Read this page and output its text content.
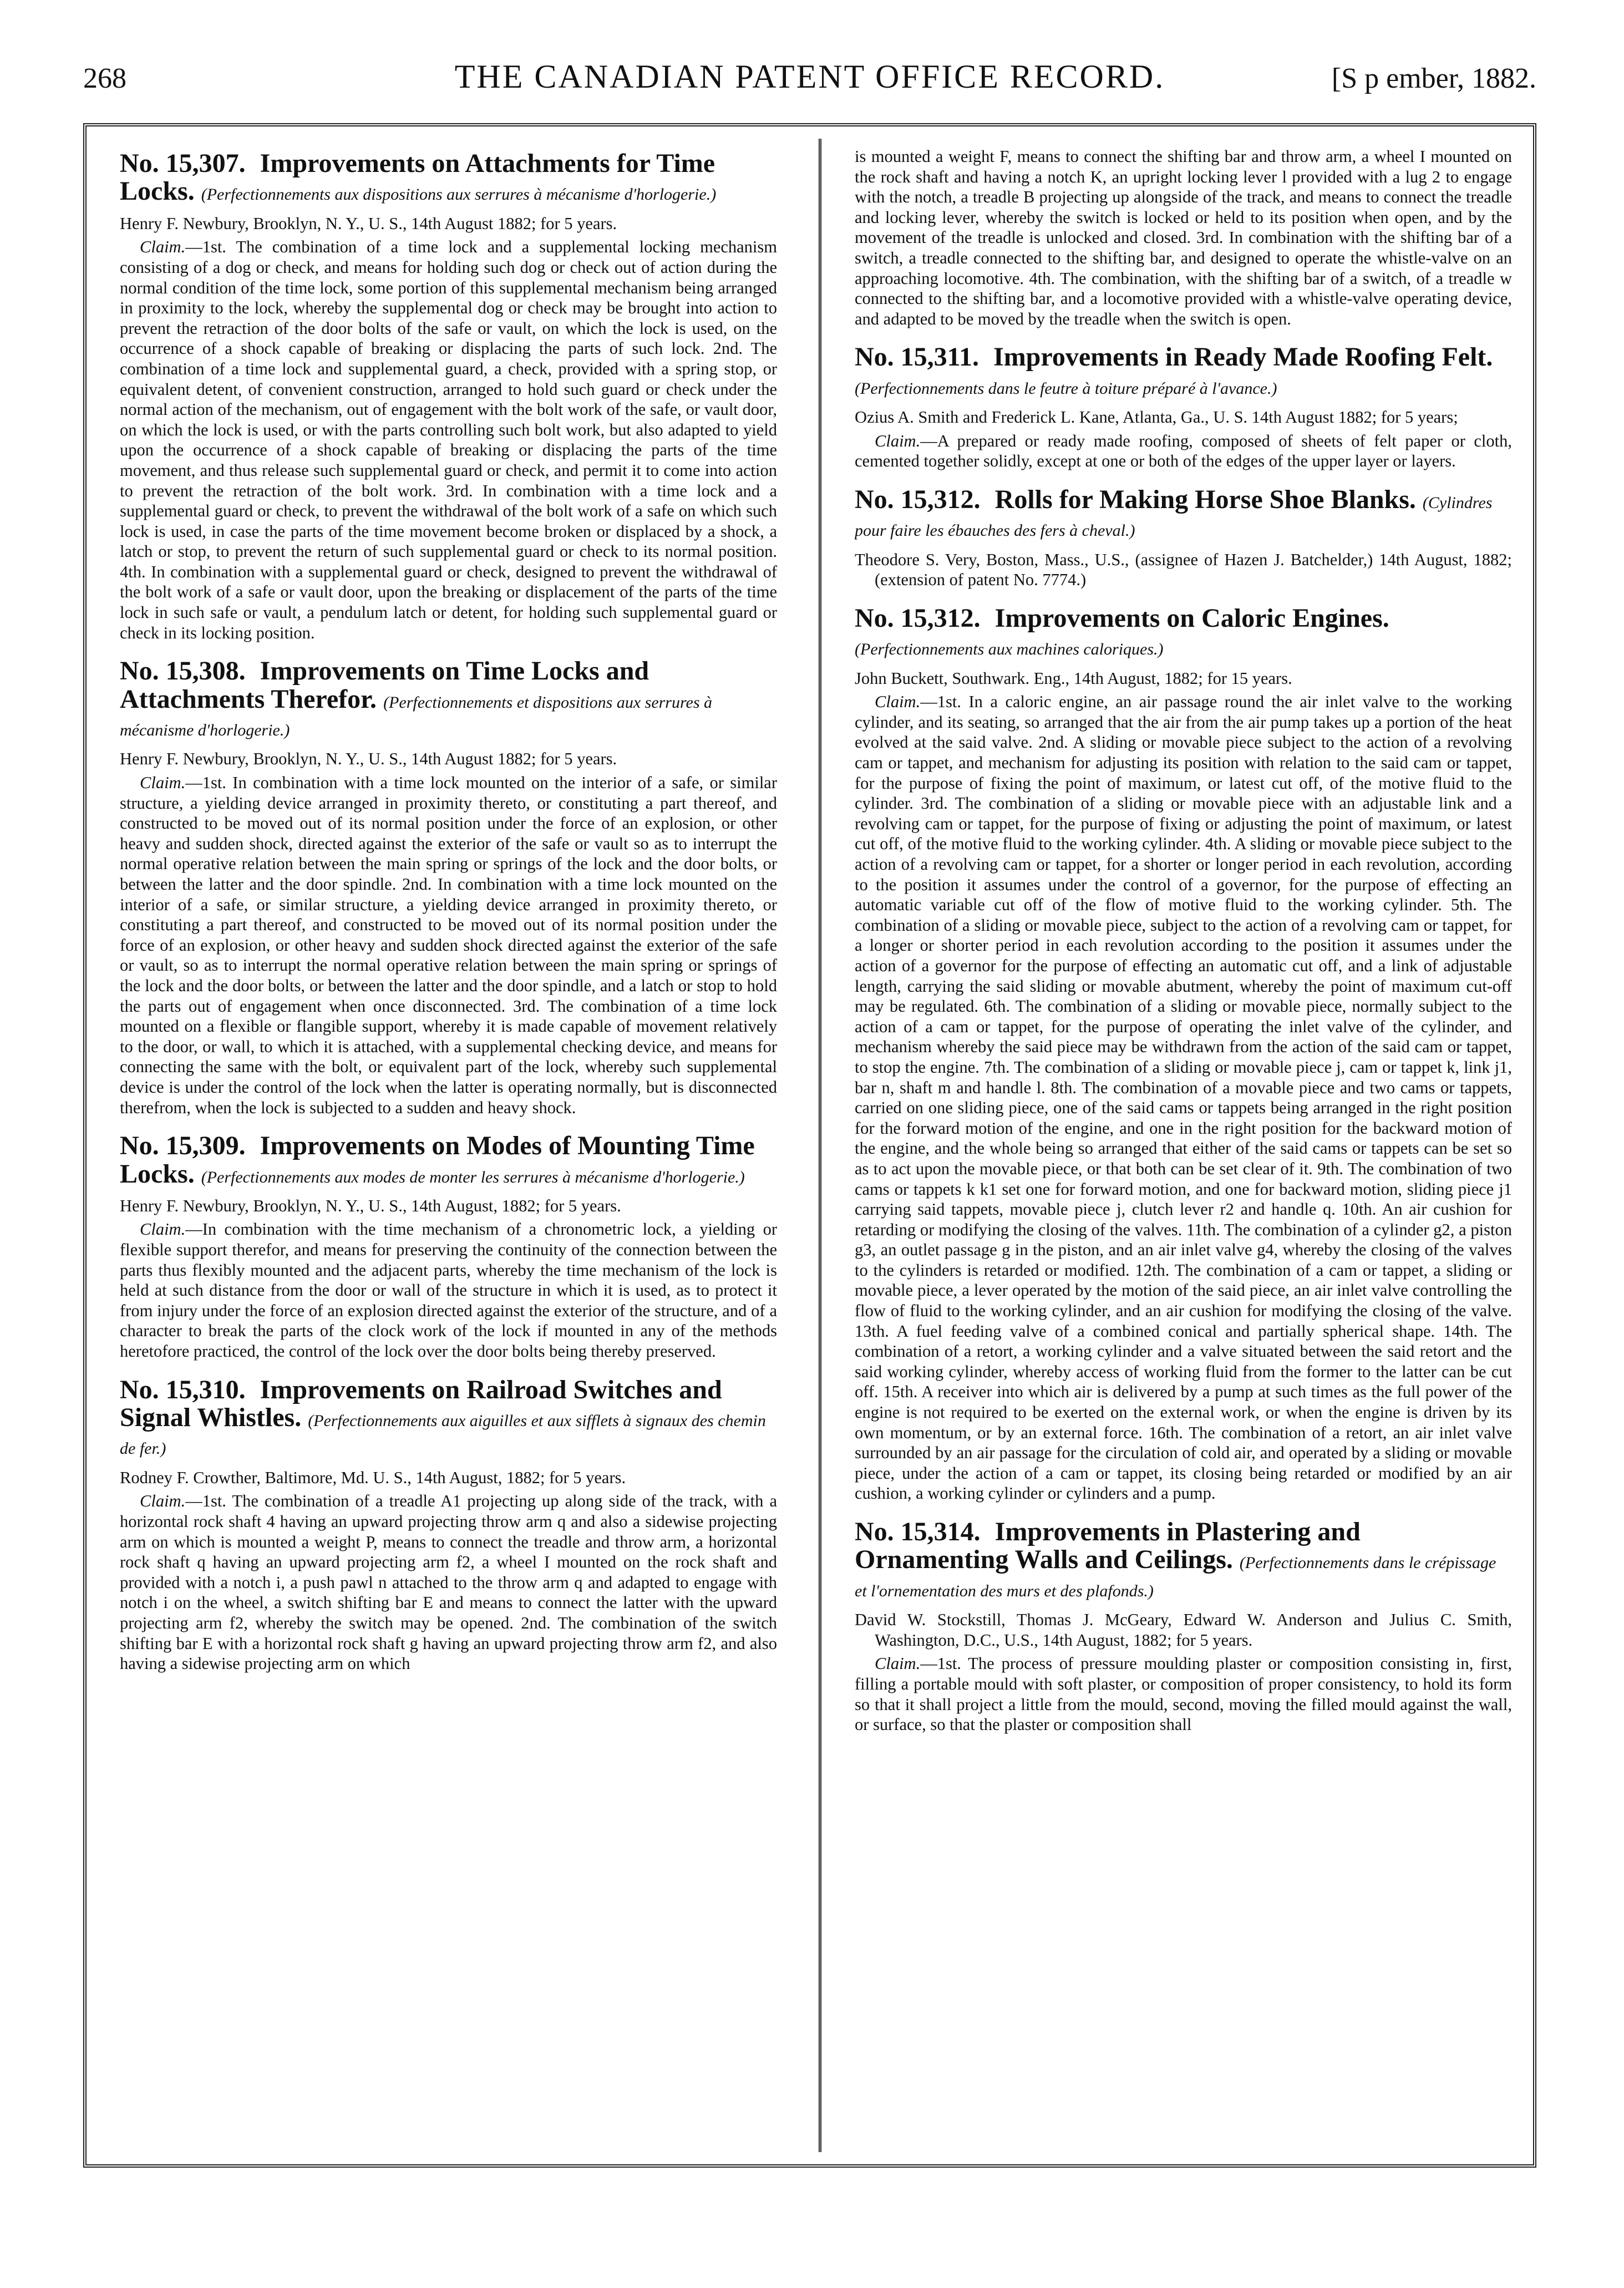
268	THE CANADIAN PATENT OFFICE RECORD.	[S p ember, 1882.
No. 15,307. Improvements on Attachments for Time Locks. (Perfectionnements aux dispositions aux serrures à mécanisme d'horlogerie.)

Henry F. Newbury, Brooklyn, N. Y., U. S., 14th August 1882; for 5 years.

Claim.—1st. The combination of a time lock and a supplemental locking mechanism consisting of a dog or check, and means for holding such dog or check out of action during the normal condition of the time lock, some portion of this supplemental mechanism being arranged in proximity to the lock, whereby the supplemental dog or check may be brought into action to prevent the retraction of the door bolts of the safe or vault, on which the lock is used, on the occurrence of a shock capable of breaking or displacing the parts of such lock. 2nd. The combination of a time lock and supplemental guard, a check, provided with a spring stop, or equivalent detent, of convenient construction, arranged to hold such guard or check under the normal action of the mechanism, out of engagement with the bolt work of the safe, or vault door, on which the lock is used, or with the parts controlling such bolt work, but also adapted to yield upon the occurrence of a shock capable of breaking or displacing the parts of the time movement, and thus release such supplemental guard or check, and permit it to come into action to prevent the retraction of the bolt work. 3rd. In combination with a time lock and a supplemental guard or check, to prevent the withdrawal of the bolt work of a safe on which such lock is used, in case the parts of the time movement become broken or displaced by a shock, a latch or stop, to prevent the return of such supplemental guard or check to its normal position. 4th. In combination with a supplemental guard or check, designed to prevent the withdrawal of the bolt work of a safe or vault door, upon the breaking or displacement of the parts of the time lock in such safe or vault, a pendulum latch or detent, for holding such supplemental guard or check in its locking position.

No. 15,308. Improvements on Time Locks and Attachments Therefor. (Perfectionnements et dispositions aux serrures à mécanisme d'horlogerie.)

Henry F. Newbury, Brooklyn, N. Y., U. S., 14th August 1882; for 5 years.

Claim.—1st. In combination with a time lock mounted on the interior of a safe, or similar structure, a yielding device arranged in proximity thereto, or constituting a part thereof, and constructed to be moved out of its normal position under the force of an explosion, or other heavy and sudden shock, directed against the exterior of the safe or vault so as to interrupt the normal operative relation between the main spring or springs of the lock and the door bolts, or between the latter and the door spindle. 2nd. In combination with a time lock mounted on the interior of a safe, or similar structure, a yielding device arranged in proximity thereto, or constituting a part thereof, and constructed to be moved out of its normal position under the force of an explosion, or other heavy and sudden shock directed against the exterior of the safe or vault, so as to interrupt the normal operative relation between the main spring or springs of the lock and the door bolts, or between the latter and the door spindle, and a latch or stop to hold the parts out of engagement when once disconnected. 3rd. The combination of a time lock mounted on a flexible or flangible support, whereby it is made capable of movement relatively to the door, or wall, to which it is attached, with a supplemental checking device, and means for connecting the same with the bolt, or equivalent part of the lock, whereby such supplemental device is under the control of the lock when the latter is operating normally, but is disconnected therefrom, when the lock is subjected to a sudden and heavy shock.

No. 15,309. Improvements on Modes of Mounting Time Locks. (Perfectionnements aux modes de monter les serrures à mécanisme d'horlogerie.)

Henry F. Newbury, Brooklyn, N. Y., U. S., 14th August, 1882; for 5 years.

Claim.—In combination with the time mechanism of a chronometric lock, a yielding or flexible support therefor, and means for preserving the continuity of the connection between the parts thus flexibly mounted and the adjacent parts, whereby the time mechanism of the lock is held at such distance from the door or wall of the structure in which it is used, as to protect it from injury under the force of an explosion directed against the exterior of the structure, and of a character to break the parts of the clock work of the lock if mounted in any of the methods heretofore practiced, the control of the lock over the door bolts being thereby preserved.

No. 15,310. Improvements on Railroad Switches and Signal Whistles. (Perfectionnements aux aiguilles et aux sifflets à signaux des chemin de fer.)

Rodney F. Crowther, Baltimore, Md. U. S., 14th August, 1882; for 5 years.

Claim.—1st. The combination of a treadle A1 projecting up along side of the track, with a horizontal rock shaft 4 having an upward projecting throw arm q and also a sidewise projecting arm on which is mounted a weight P, means to connect the treadle and throw arm, a horizontal rock shaft q having an upward projecting arm f2, a wheel I mounted on the rock shaft and provided with a notch i, a push pawl n attached to the throw arm q and adapted to engage with notch i on the wheel, a switch shifting bar E and means to connect the latter with the upward projecting arm f2, whereby the switch may be opened. 2nd. The combination of the switch shifting bar E with a horizontal rock shaft g having an upward projecting throw arm f2, and also having a sidewise projecting arm on which

is mounted a weight F, means to connect the shifting bar and throw arm, a wheel I mounted on the rock shaft and having a notch K, an upright locking lever l provided with a lug 2 to engage with the notch, a treadle B projecting up alongside of the track, and means to connect the treadle and locking lever, whereby the switch is locked or held to its position when open, and by the movement of the treadle is unlocked and closed. 3rd. In combination with the shifting bar of a switch, a treadle connected to the shifting bar, and designed to operate the whistle-valve on an approaching locomotive. 4th. The combination, with the shifting bar of a switch, of a treadle w connected to the shifting bar, and a locomotive provided with a whistle-valve operating device, and adapted to be moved by the treadle when the switch is open.

No. 15,311. Improvements in Ready Made Roofing Felt. (Perfectionnements dans le feutre à toiture préparé à l'avance.)

Ozius A. Smith and Frederick L. Kane, Atlanta, Ga., U. S. 14th August 1882; for 5 years;

Claim.—A prepared or ready made roofing, composed of sheets of felt paper or cloth, cemented together solidly, except at one or both of the edges of the upper layer or layers.

No. 15,312. Rolls for Making Horse Shoe Blanks. (Cylindres pour faire les ébauches des fers à cheval.)

Theodore S. Very, Boston, Mass., U.S., (assignee of Hazen J. Batchelder,) 14th August, 1882; (extension of patent No. 7774.)

No. 15,312. Improvements on Caloric Engines. (Perfectionnements aux machines caloriques.)

John Buckett, Southwark. Eng., 14th August, 1882; for 15 years.

Claim.—1st. In a caloric engine, an air passage round the air inlet valve to the working cylinder, and its seating, so arranged that the air from the air pump takes up a portion of the heat evolved at the said valve. 2nd. A sliding or movable piece subject to the action of a revolving cam or tappet, and mechanism for adjusting its position with relation to the said cam or tappet, for the purpose of fixing the point of maximum, or latest cut off, of the motive fluid to the cylinder. 3rd. The combination of a sliding or movable piece with an adjustable link and a revolving cam or tappet, for the purpose of fixing or adjusting the point of maximum, or latest cut off, of the motive fluid to the working cylinder. 4th. A sliding or movable piece subject to the action of a revolving cam or tappet, for a shorter or longer period in each revolution, according to the position it assumes under the control of a governor, for the purpose of effecting an automatic variable cut off of the flow of motive fluid to the working cylinder. 5th. The combination of a sliding or movable piece, subject to the action of a revolving cam or tappet, for a longer or shorter period in each revolution according to the position it assumes under the action of a governor for the purpose of effecting an automatic cut off, and a link of adjustable length, carrying the said sliding or movable abutment, whereby the point of maximum cut-off may be regulated. 6th. The combination of a sliding or movable piece, normally subject to the action of a cam or tappet, for the purpose of operating the inlet valve of the cylinder, and mechanism whereby the said piece may be withdrawn from the action of the said cam or tappet, to stop the engine. 7th. The combination of a sliding or movable piece j, cam or tappet k, link j1, bar n, shaft m and handle l. 8th. The combination of a movable piece and two cams or tappets, carried on one sliding piece, one of the said cams or tappets being arranged in the right position for the forward motion of the engine, and one in the right position for the backward motion of the engine, and the whole being so arranged that either of the said cams or tappets can be set so as to act upon the movable piece, or that both can be set clear of it. 9th. The combination of two cams or tappets k k1 set one for forward motion, and one for backward motion, sliding piece j1 carrying said tappets, movable piece j, clutch lever r2 and handle q. 10th. An air cushion for retarding or modifying the closing of the valves. 11th. The combination of a cylinder g2, a piston g3, an outlet passage g in the piston, and an air inlet valve g4, whereby the closing of the valves to the cylinders is retarded or modified. 12th. The combination of a cam or tappet, a sliding or movable piece, a lever operated by the motion of the said piece, an air inlet valve controlling the flow of fluid to the working cylinder, and an air cushion for modifying the closing of the valve. 13th. A fuel feeding valve of a combined conical and partially spherical shape. 14th. The combination of a retort, a working cylinder and a valve situated between the said retort and the said working cylinder, whereby access of working fluid from the former to the latter can be cut off. 15th. A receiver into which air is delivered by a pump at such times as the full power of the engine is not required to be exerted on the external work, or when the engine is driven by its own momentum, or by an external force. 16th. The combination of a retort, an air inlet valve surrounded by an air passage for the circulation of cold air, and operated by a sliding or movable piece, under the action of a cam or tappet, its closing being retarded or modified by an air cushion, a working cylinder or cylinders and a pump.

No. 15,314. Improvements in Plastering and Ornamenting Walls and Ceilings. (Perfectionnements dans le crépissage et l'ornementation des murs et des plafonds.)

David W. Stockstill, Thomas J. McGeary, Edward W. Anderson and Julius C. Smith, Washington, D.C., U.S., 14th August, 1882; for 5 years.

Claim.—1st. The process of pressure moulding plaster or composition consisting in, first, filling a portable mould with soft plaster, or composition of proper consistency, to hold its form so that it shall project a little from the mould, second, moving the filled mould against the wall, or surface, so that the plaster or composition shall
